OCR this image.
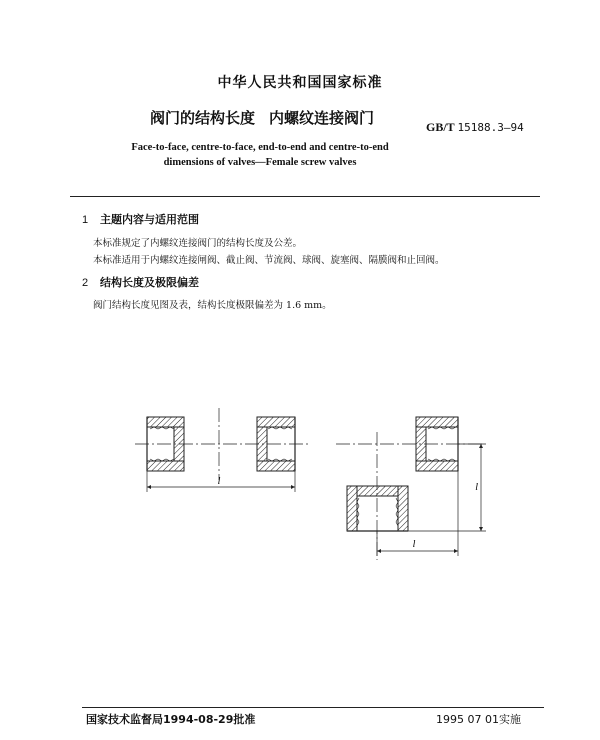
中华人民共和国国家标准
阀门的结构长度 内螺纹连接阀门	GB/T 15188.3—94
Face-to-face, centre-to-face, end-to-end and centre-to-end
dimensions of valves—Female screw valves
1 主题内容与适用范围
本标准规定了内螺纹连接阀门的结构长度及公差。
本标准适用于内螺纹连接闸阀、截止阀、节流阀、球阀、旋塞阀、隔膜阀和止回阀。
2 结构长度及极限偏差
阀门结构长度见图及表，结构长度极限偏差为 1.6 mm。
l
l
l
国家技术监督局1994-08-29批准	1995 07 01实施
